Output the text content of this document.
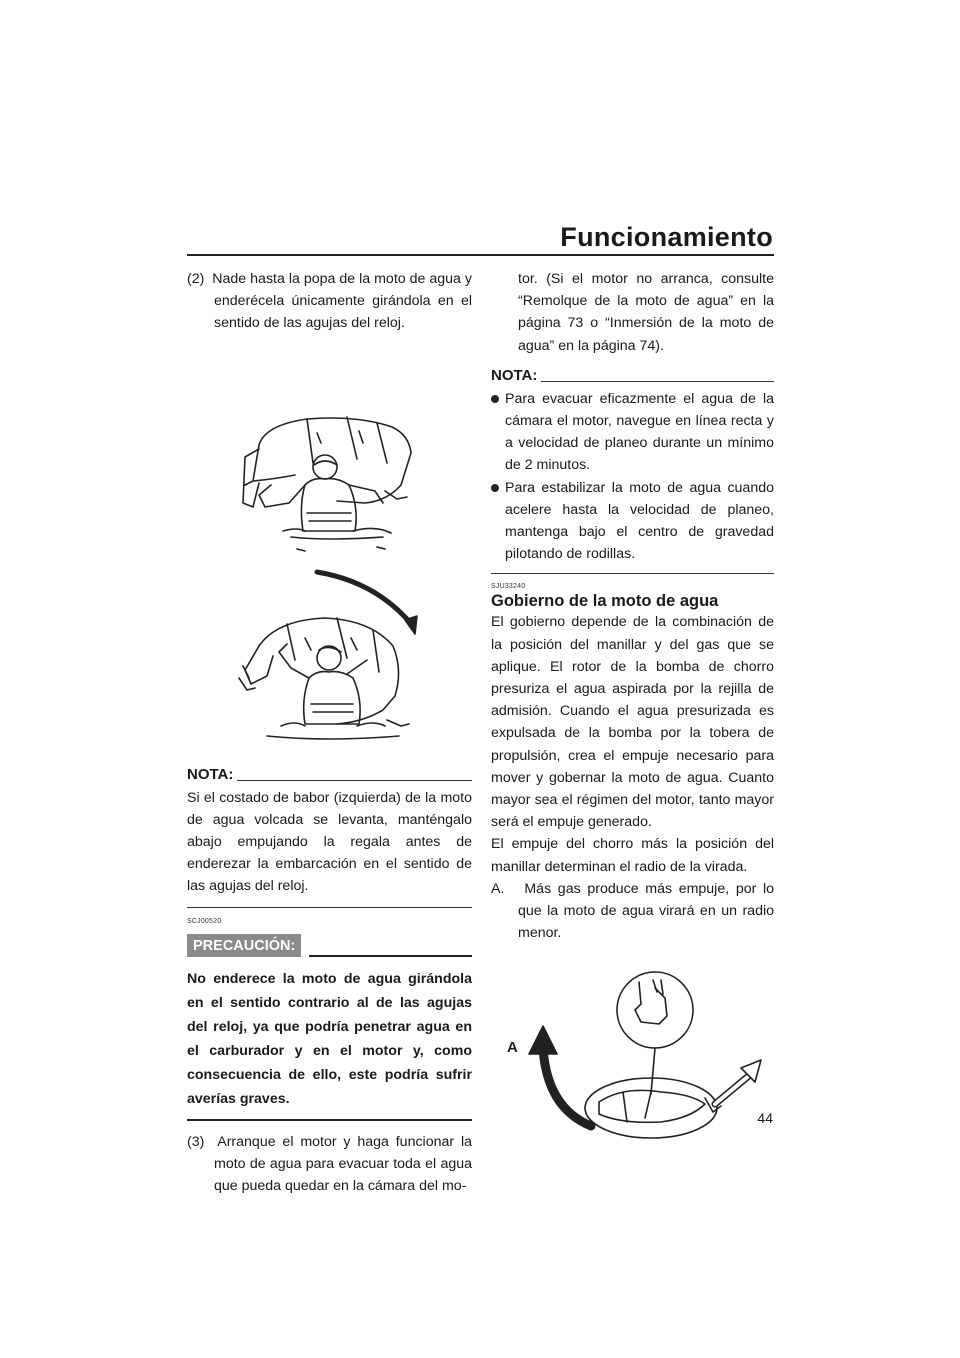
Funcionamiento

(2) Nade hasta la popa de la moto de agua y enderécela únicamente girándola en el sentido de las agujas del reloj.

NOTA:

Si el costado de babor (izquierda) de la moto de agua volcada se levanta, manténgalo abajo empujando la regala antes de enderezar la embarcación en el sentido de las agujas del reloj.

SCJ00520
PRECAUCIÓN:

No enderece la moto de agua girándola en el sentido contrario al de las agujas del reloj, ya que podría penetrar agua en el carburador y en el motor y, como consecuencia de ello, este podría sufrir averías graves.

(3) Arranque el motor y haga funcionar la moto de agua para evacuar toda el agua que pueda quedar en la cámara del mo-

tor. (Si el motor no arranca, consulte “Remolque de la moto de agua” en la página 73 o “Inmersión de la moto de agua” en la página 74).

NOTA:
Para evacuar eficazmente el agua de la cámara el motor, navegue en línea recta y a velocidad de planeo durante un mínimo de 2 minutos.
Para estabilizar la moto de agua cuando acelere hasta la velocidad de planeo, mantenga bajo el centro de gravedad pilotando de rodillas.
SJU33240
Gobierno de la moto de agua

El gobierno depende de la combinación de la posición del manillar y del gas que se aplique. El rotor de la bomba de chorro presuriza el agua aspirada por la rejilla de admisión. Cuando el agua presurizada es expulsada de la bomba por la tobera de propulsión, crea el empuje necesario para mover y gobernar la moto de agua. Cuanto mayor sea el régimen del motor, tanto mayor será el empuje generado.

El empuje del chorro más la posición del manillar determinan el radio de la virada.

A. Más gas produce más empuje, por lo que la moto de agua virará en un radio menor.

A
44
